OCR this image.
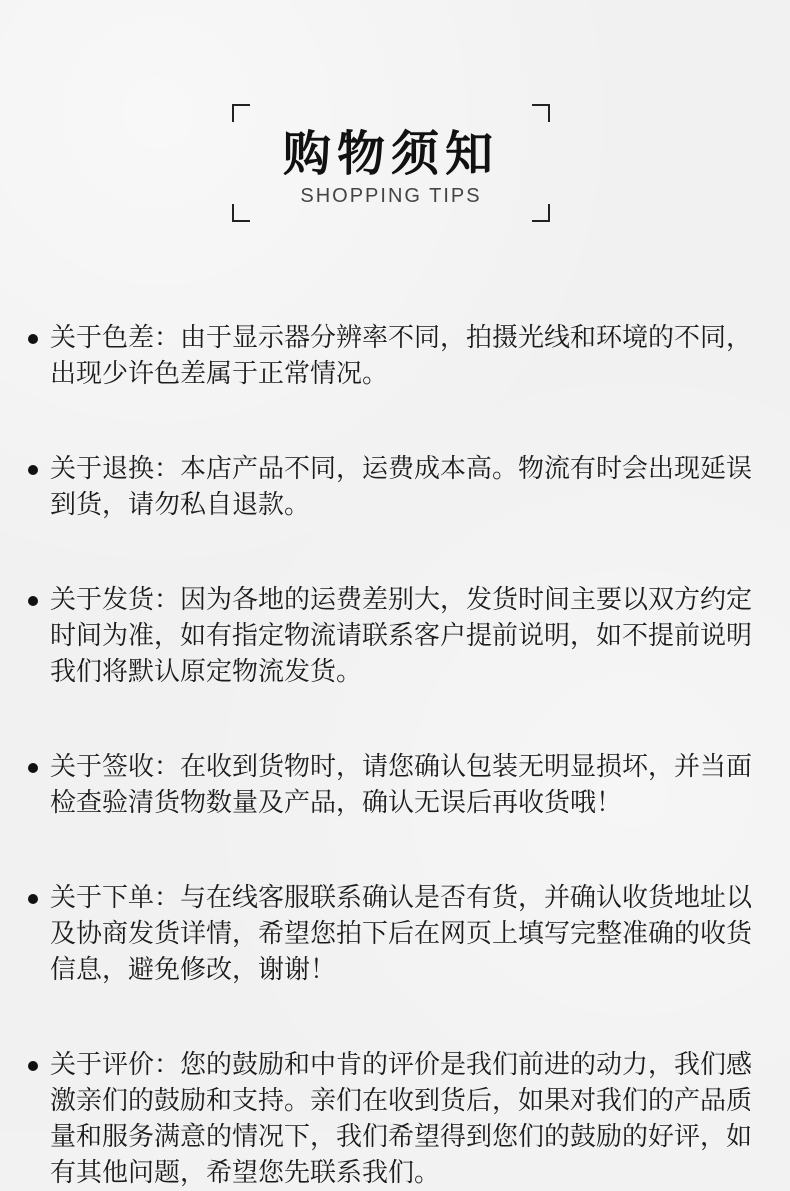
购物须知
SHOPPING TIPS
关于色差：由于显示器分辨率不同，拍摄光线和环境的不同，出现少许色差属于正常情况。
关于退换：本店产品不同，运费成本高。物流有时会出现延误到货，请勿私自退款。
关于发货：因为各地的运费差别大，发货时间主要以双方约定时间为准，如有指定物流请联系客户提前说明，如不提前说明我们将默认原定物流发货。
关于签收：在收到货物时，请您确认包装无明显损坏，并当面检查验清货物数量及产品，确认无误后再收货哦！
关于下单：与在线客服联系确认是否有货，并确认收货地址以及协商发货详情，希望您拍下后在网页上填写完整准确的收货信息，避免修改，谢谢！
关于评价：您的鼓励和中肯的评价是我们前进的动力，我们感激亲们的鼓励和支持。亲们在收到货后，如果对我们的产品质量和服务满意的情况下，我们希望得到您们的鼓励的好评，如有其他问题，希望您先联系我们。
